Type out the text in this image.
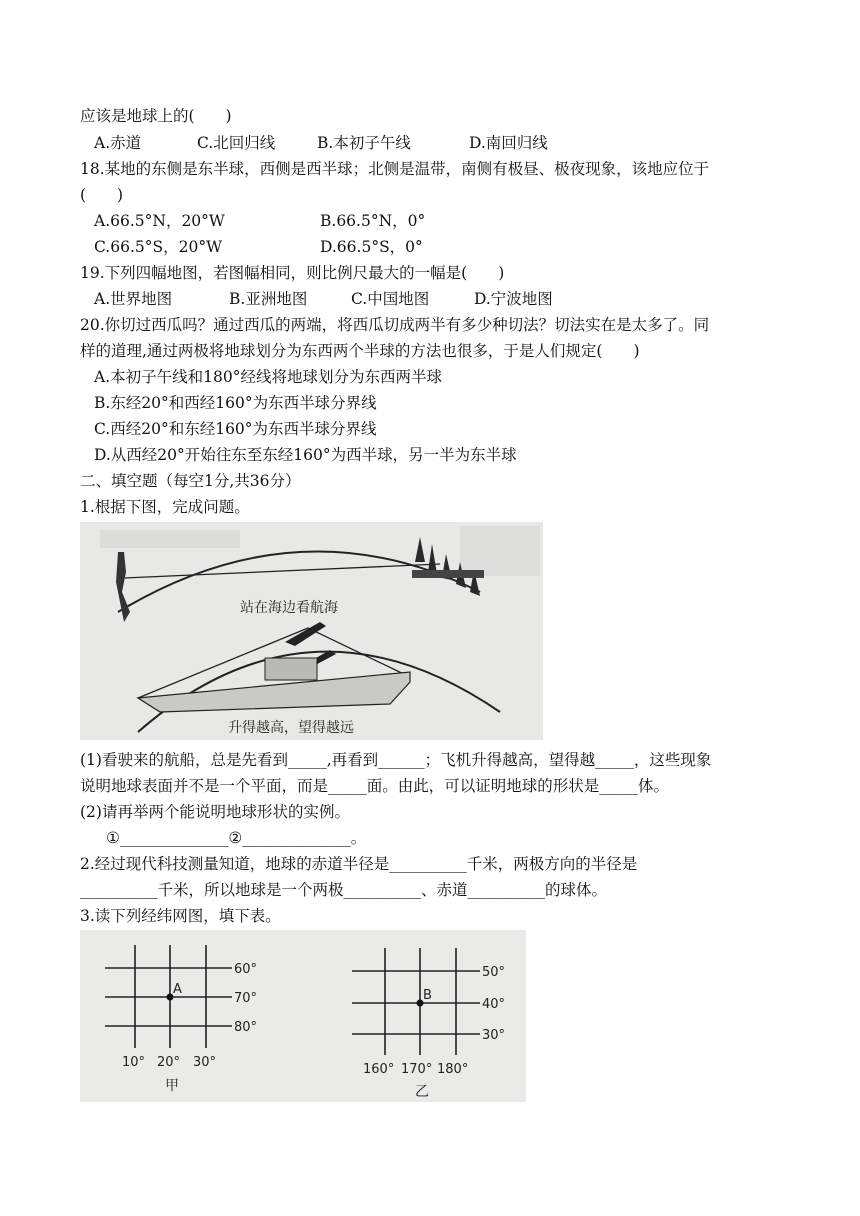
应该是地球上的(　　)
A.赤道	C.北回归线	B.本初子午线	D.南回归线
18.某地的东侧是东半球，西侧是西半球；北侧是温带，南侧有极昼、极夜现象，该地应位于
(　　)
A.66.5°N，20°W	B.66.5°N，0°
C.66.5°S，20°W	D.66.5°S，0°
19.下列四幅地图，若图幅相同，则比例尺最大的一幅是(　　)
A.世界地图	B.亚洲地图	C.中国地图	D.宁波地图
20.你切过西瓜吗？通过西瓜的两端，将西瓜切成两半有多少种切法？切法实在是太多了。同
样的道理,通过两极将地球划分为东西两个半球的方法也很多，于是人们规定(　　)
A.本初子午线和180°经线将地球划分为东西两半球
B.东经20°和西经160°为东西半球分界线
C.西经20°和东经160°为东西半球分界线
D.从西经20°开始往东至东经160°为西半球，另一半为东半球
二、填空题（每空1分,共36分）
1.根据下图，完成问题。
站在海边看航海
升得越高，望得越远
(1)看驶来的航船，总是先看到_____,再看到______；飞机升得越高，望得越_____，这些现象
说明地球表面并不是一个平面，而是_____面。由此，可以证明地球的形状是_____体。
(2)请再举两个能说明地球形状的实例。
①______________②______________。
2.经过现代科技测量知道，地球的赤道半径是__________千米，两极方向的半径是
__________千米，所以地球是一个两极__________、赤道__________的球体。
3.读下列经纬网图，填下表。
A
60°
70°
80°
10° 20° 30°
甲
B
50°
40°
30°
160° 170° 180°
乙
